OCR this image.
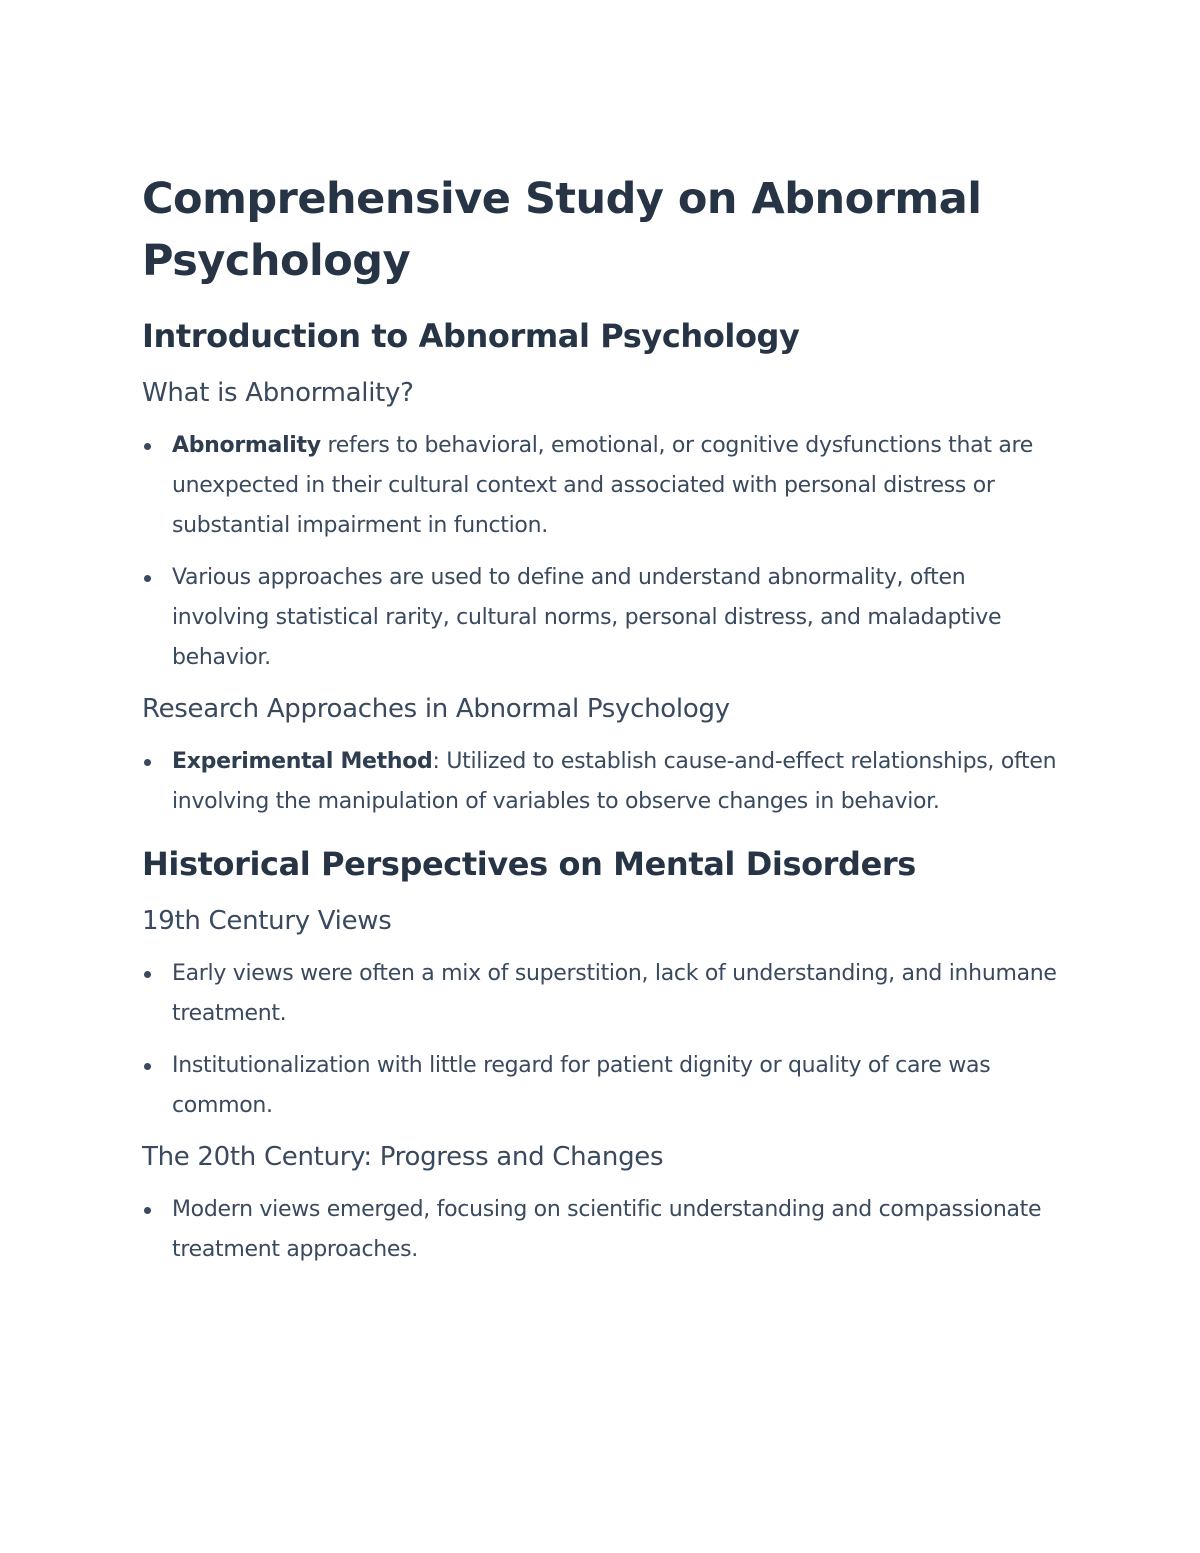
Comprehensive Study on Abnormal Psychology
Introduction to Abnormal Psychology
What is Abnormality?
Abnormality refers to behavioral, emotional, or cognitive dysfunctions that are unexpected in their cultural context and associated with personal distress or substantial impairment in function.
Various approaches are used to define and understand abnormality, often involving statistical rarity, cultural norms, personal distress, and maladaptive behavior.
Research Approaches in Abnormal Psychology
Experimental Method: Utilized to establish cause-and-effect relationships, often involving the manipulation of variables to observe changes in behavior.
Historical Perspectives on Mental Disorders
19th Century Views
Early views were often a mix of superstition, lack of understanding, and inhumane treatment.
Institutionalization with little regard for patient dignity or quality of care was common.
The 20th Century: Progress and Changes
Modern views emerged, focusing on scientific understanding and compassionate treatment approaches.
